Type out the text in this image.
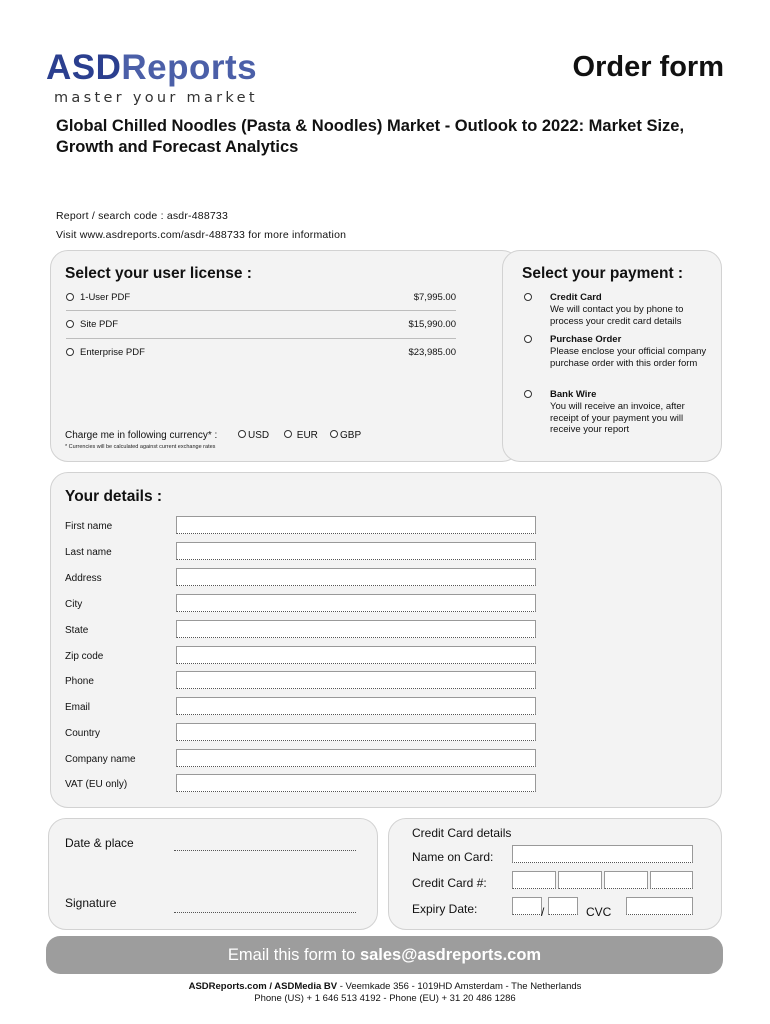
ASDReports
master your market
Order form
Global Chilled Noodles (Pasta & Noodles) Market - Outlook to 2022: Market Size, Growth and Forecast Analytics
Report / search code : asdr-488733
Visit www.asdreports.com/asdr-488733 for more information
Select your user license :
1-User PDF	$7,995.00
Site PDF	$15,990.00
Enterprise PDF	$23,985.00
Charge me in following currency* :	USD	EUR	GBP
* Currencies will be calculated against current exchange rates
Select your payment :
Credit Card
We will contact you by phone to process your credit card details
Purchase Order
Please enclose your official company purchase order with this order form
Bank Wire
You will receive an invoice, after receipt of your payment you will receive your report
Your details :
First name
Last name
Address
City
State
Zip code
Phone
Email
Country
Company name
VAT (EU only)
Date & place
Signature
Credit Card details
Name on Card:
Credit Card #:
Expiry Date:	/	CVC
Email this form to sales@asdreports.com
ASDReports.com / ASDMedia BV - Veemkade 356 - 1019HD Amsterdam - The Netherlands
Phone (US) + 1 646 513 4192 - Phone (EU) + 31 20 486 1286
